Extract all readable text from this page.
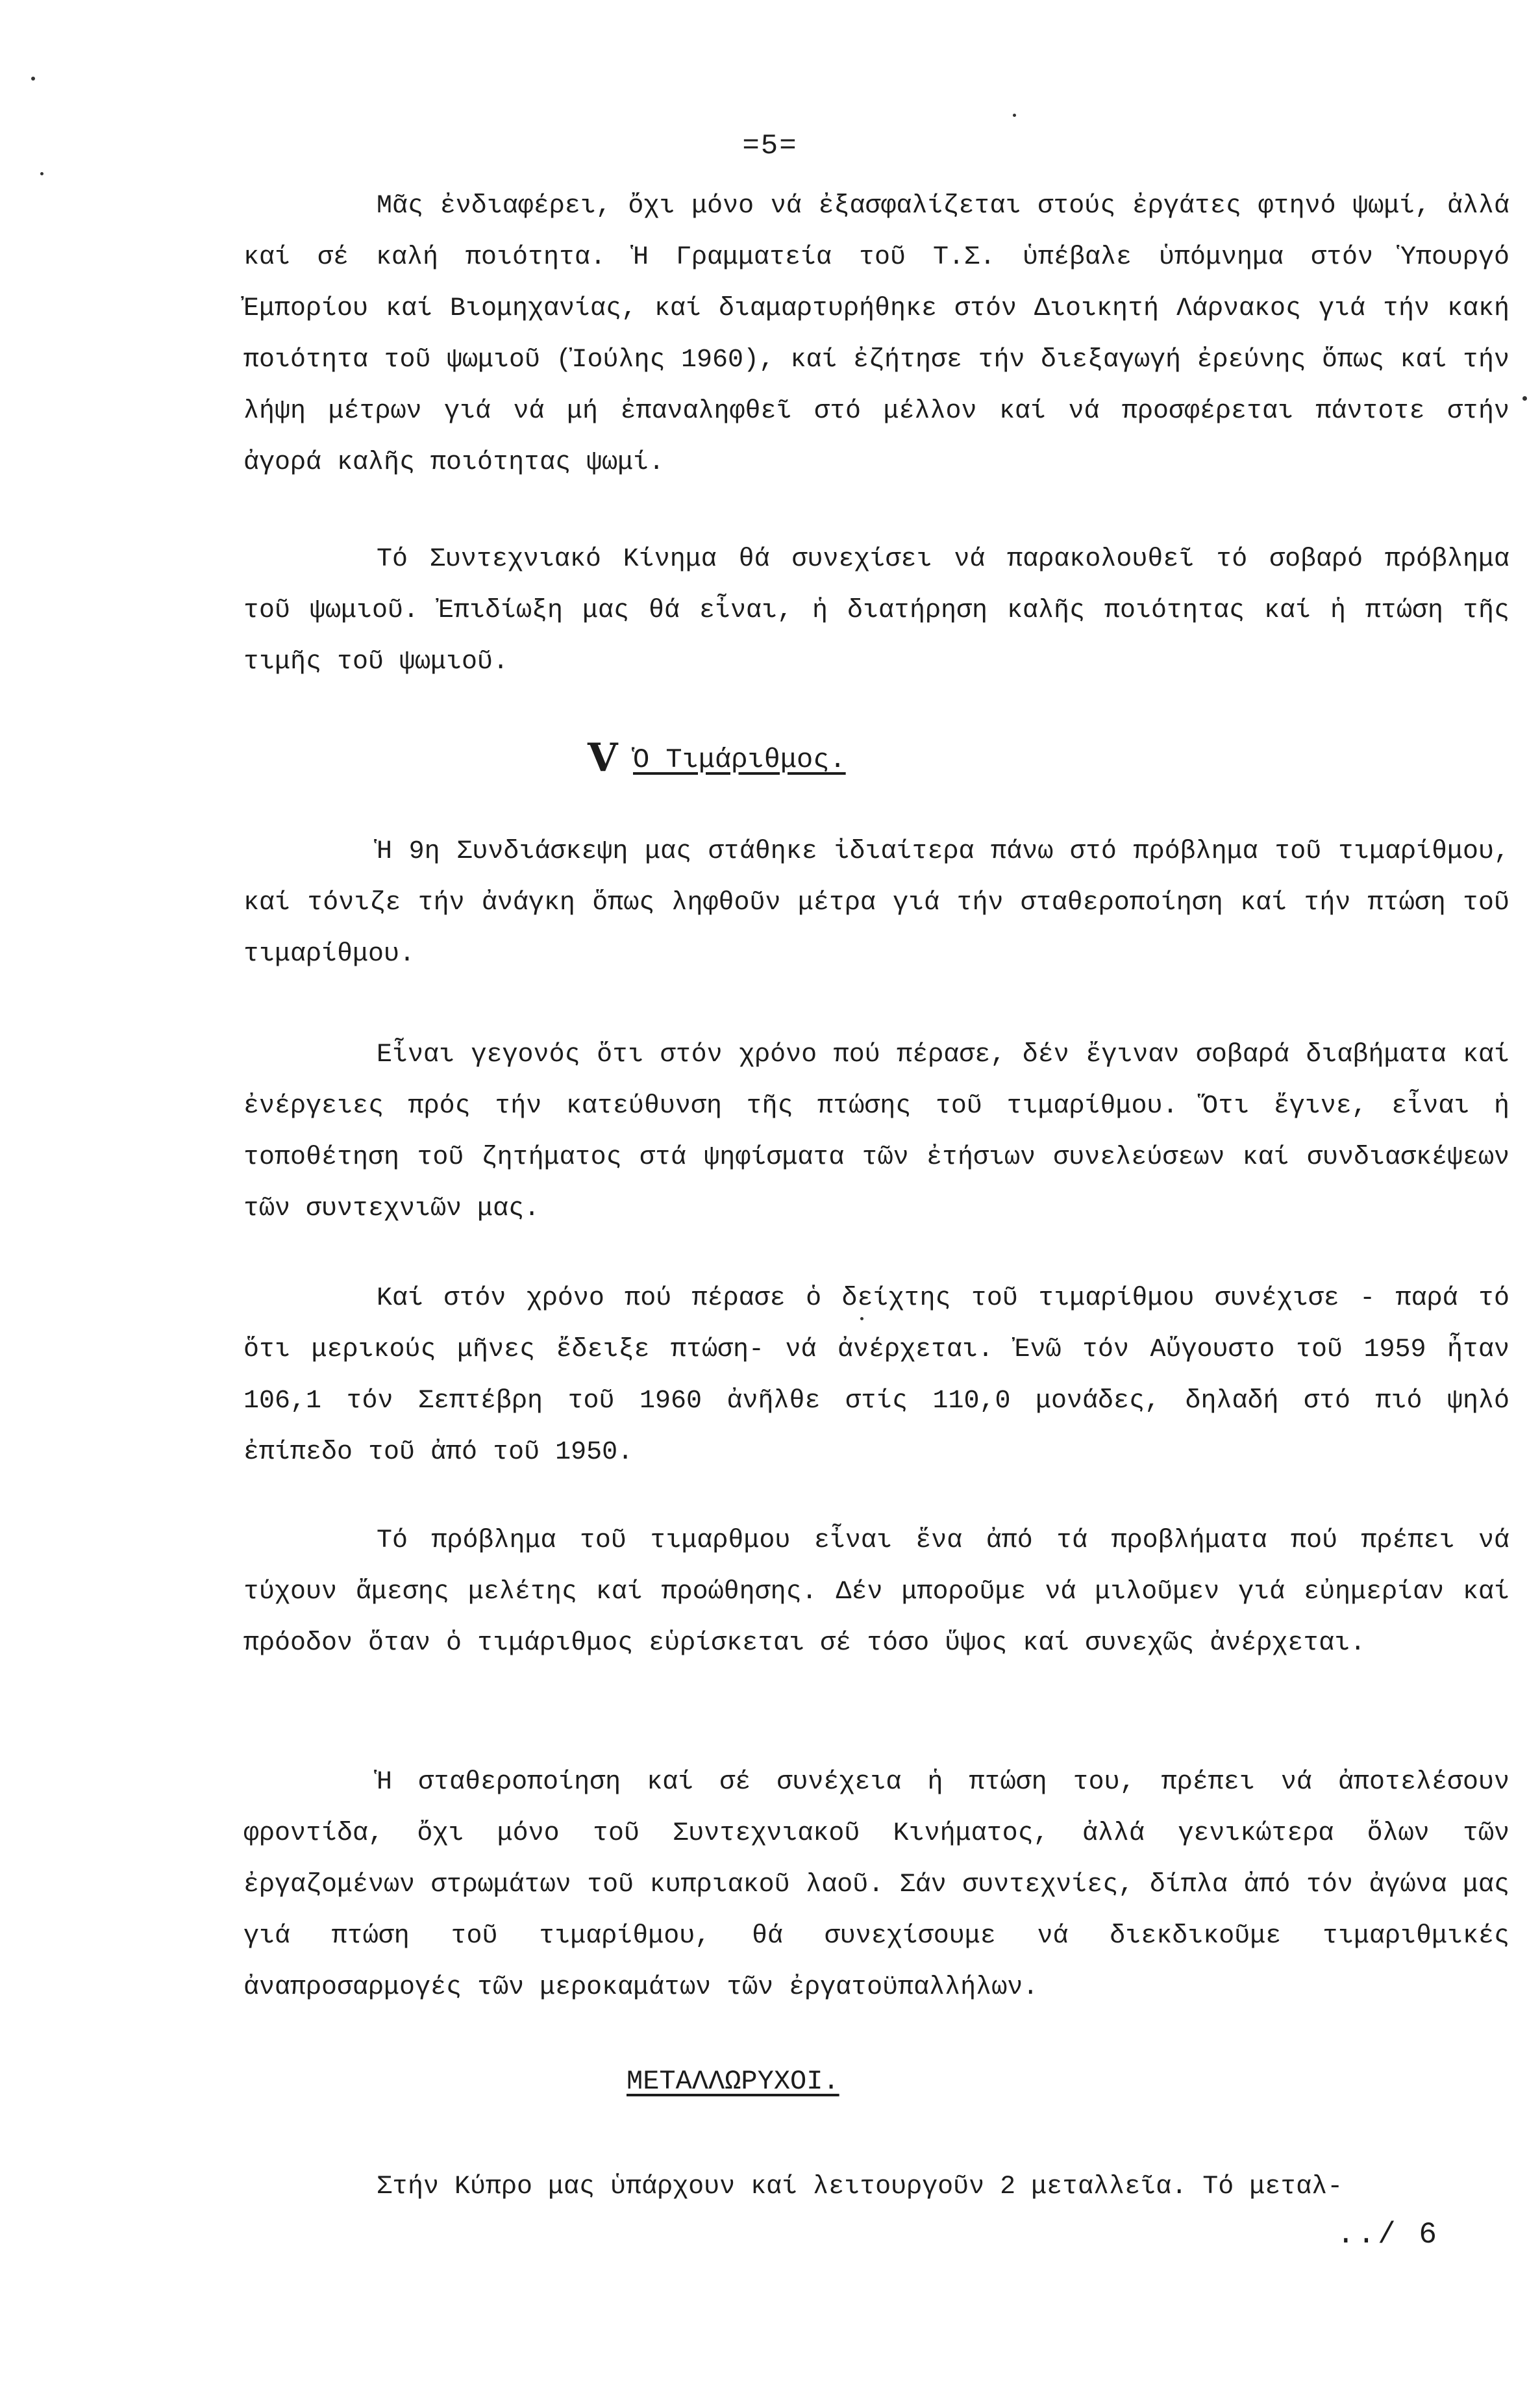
=5=

Μᾶς ἐνδιαφέρει, ὄχι μόνο νά ἐξασφαλίζεται στούς ἐργάτες φτηνό ψωμί, ἀλλά καί σέ καλή ποιότητα. Ἡ Γραμματεία τοῦ Τ.Σ. ὑπέβαλε ὑπόμνημα στόν Ὑπουργό Ἐμπορίου καί Βιομηχανίας, καί διαμαρτυρήθηκε στόν Διοικητή Λάρνακος γιά τήν κακή ποιότητα τοῦ ψωμιοῦ (Ἰούλης 1960), καί ἐζήτησε τήν διεξαγωγή ἐρεύνης ὅπως καί τήν λήψη μέτρων γιά νά μή ἐπαναληφθεῖ στό μέλλον καί νά προσφέρεται πάντοτε στήν ἀγορά καλῆς ποιότητας ψωμί.

Τό Συντεχνιακό Κίνημα θά συνεχίσει νά παρακολουθεῖ τό σοβαρό πρόβλημα τοῦ ψωμιοῦ. Ἐπιδίωξη μας θά εἶναι, ἡ διατήρηση καλῆς ποιότητας καί ἡ πτώση τῆς τιμῆς τοῦ ψωμιοῦ.

V Ὁ Τιμάριθμος.

Ἡ 9η Συνδιάσκεψη μας στάθηκε ἰδιαίτερα πάνω στό πρόβλημα τοῦ τιμαρίθμου, καί τόνιζε τήν ἀνάγκη ὅπως ληφθοῦν μέτρα γιά τήν σταθεροποίηση καί τήν πτώση τοῦ τιμαρίθμου.

Εἶναι γεγονός ὅτι στόν χρόνο πού πέρασε, δέν ἔγιναν σοβαρά διαβήματα καί ἐνέργειες πρός τήν κατεύθυνση τῆς πτώσης τοῦ τιμαρίθμου. Ὅτι ἔγινε, εἶναι ἡ τοποθέτηση τοῦ ζητήματος στά ψηφίσματα τῶν ἐτήσιων συνελεύσεων καί συνδιασκέψεων τῶν συντεχνιῶν μας.

Καί στόν χρόνο πού πέρασε ὁ δείχτης τοῦ τιμαρίθμου συνέχισε - παρά τό ὅτι μερικούς μῆνες ἔδειξε πτώση- νά ἀνέρχεται. Ἐνῶ τόν Αὔγουστο τοῦ 1959 ἦταν 106,1 τόν Σεπτέβρη τοῦ 1960 ἀνῆλθε στίς 110,0 μονάδες, δηλαδή στό πιό ψηλό ἐπίπεδο τοῦ ἀπό τοῦ 1950.

Τό πρόβλημα τοῦ τιμαρθμου εἶναι ἕνα ἀπό τά προβλήματα πού πρέπει νά τύχουν ἄμεσης μελέτης καί προώθησης. Δέν μποροῦμε νά μιλοῦμεν γιά εὐημερίαν καί πρόοδον ὅταν ὁ τιμάριθμος εὑρίσκεται σέ τόσο ὕψος καί συνεχῶς ἀνέρχεται.

Ἡ σταθεροποίηση καί σέ συνέχεια ἡ πτώση του, πρέπει νά ἀποτελέσουν φροντίδα, ὄχι μόνο τοῦ Συντεχνιακοῦ Κινήματος, ἀλλά γενικώτερα ὅλων τῶν ἐργαζομένων στρωμάτων τοῦ κυπριακοῦ λαοῦ. Σάν συντεχνίες, δίπλα ἀπό τόν ἀγώνα μας γιά πτώση τοῦ τιμαρίθμου, θά συνεχίσουμε νά διεκδικοῦμε τιμαριθμικές ἀναπροσαρμογές τῶν μεροκαμάτων τῶν ἐργατοϋπαλλήλων.

ΜΕΤΑΛΛΩΡΥΧΟΙ.

Στήν Κύπρο μας ὑπάρχουν καί λειτουργοῦν 2 μεταλλεῖα. Τό μεταλ-

../ 6
